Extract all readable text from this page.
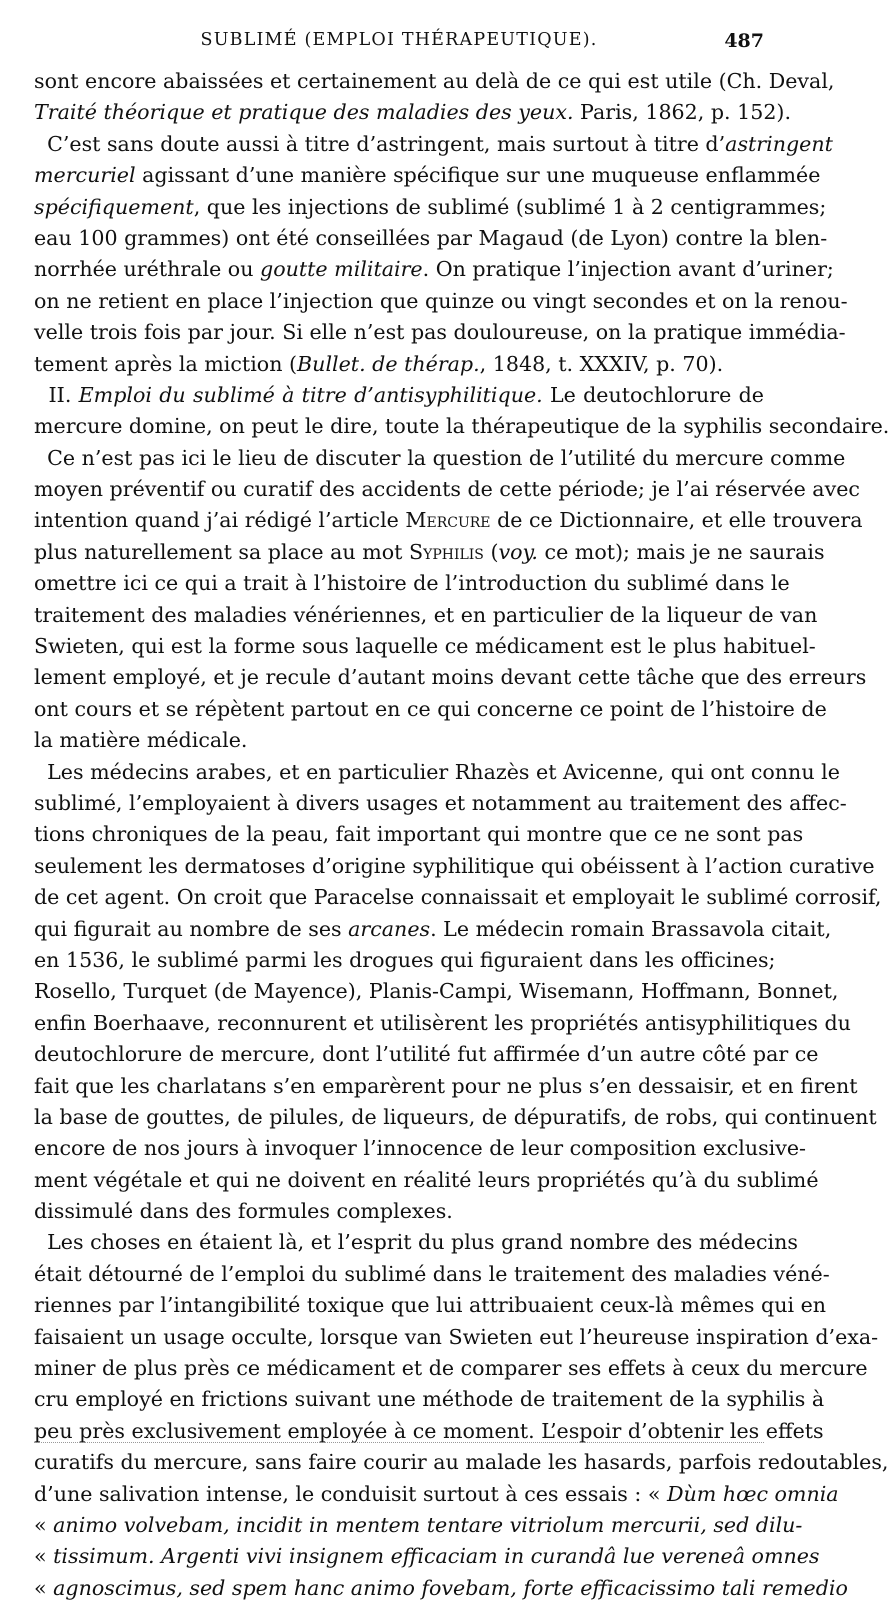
SUBLIMÉ (EMPLOI THÉRAPEUTIQUE).	487
sont encore abaissées et certainement au delà de ce qui est utile (Ch. Deval,
Traité théorique et pratique des maladies des yeux. Paris, 1862, p. 152).
C’est sans doute aussi à titre d’astringent, mais surtout à titre d’astringent
mercuriel agissant d’une manière spécifique sur une muqueuse enflammée
spécifiquement, que les injections de sublimé (sublimé 1 à 2 centigrammes;
eau 100 grammes) ont été conseillées par Magaud (de Lyon) contre la blen-
norrhée uréthrale ou goutte militaire. On pratique l’injection avant d’uriner;
on ne retient en place l’injection que quinze ou vingt secondes et on la renou-
velle trois fois par jour. Si elle n’est pas douloureuse, on la pratique immédia-
tement après la miction (Bullet. de thérap., 1848, t. XXXIV, p. 70).
II. Emploi du sublimé à titre d’antisyphilitique. Le deutochlorure de
mercure domine, on peut le dire, toute la thérapeutique de la syphilis secondaire.
Ce n’est pas ici le lieu de discuter la question de l’utilité du mercure comme
moyen préventif ou curatif des accidents de cette période; je l’ai réservée avec
intention quand j’ai rédigé l’article Mercure de ce Dictionnaire, et elle trouvera
plus naturellement sa place au mot Syphilis (voy. ce mot); mais je ne saurais
omettre ici ce qui a trait à l’histoire de l’introduction du sublimé dans le
traitement des maladies vénériennes, et en particulier de la liqueur de van
Swieten, qui est la forme sous laquelle ce médicament est le plus habituel-
lement employé, et je recule d’autant moins devant cette tâche que des erreurs
ont cours et se répètent partout en ce qui concerne ce point de l’histoire de
la matière médicale.
Les médecins arabes, et en particulier Rhazès et Avicenne, qui ont connu le
sublimé, l’employaient à divers usages et notamment au traitement des affec-
tions chroniques de la peau, fait important qui montre que ce ne sont pas
seulement les dermatoses d’origine syphilitique qui obéissent à l’action curative
de cet agent. On croit que Paracelse connaissait et employait le sublimé corrosif,
qui figurait au nombre de ses arcanes. Le médecin romain Brassavola citait,
en 1536, le sublimé parmi les drogues qui figuraient dans les officines;
Rosello, Turquet (de Mayence), Planis-Campi, Wisemann, Hoffmann, Bonnet,
enfin Boerhaave, reconnurent et utilisèrent les propriétés antisyphilitiques du
deutochlorure de mercure, dont l’utilité fut affirmée d’un autre côté par ce
fait que les charlatans s’en emparèrent pour ne plus s’en dessaisir, et en firent
la base de gouttes, de pilules, de liqueurs, de dépuratifs, de robs, qui continuent
encore de nos jours à invoquer l’innocence de leur composition exclusive-
ment végétale et qui ne doivent en réalité leurs propriétés qu’à du sublimé
dissimulé dans des formules complexes.
Les choses en étaient là, et l’esprit du plus grand nombre des médecins
était détourné de l’emploi du sublimé dans le traitement des maladies véné-
riennes par l’intangibilité toxique que lui attribuaient ceux-là mêmes qui en
faisaient un usage occulte, lorsque van Swieten eut l’heureuse inspiration d’exa-
miner de plus près ce médicament et de comparer ses effets à ceux du mercure
cru employé en frictions suivant une méthode de traitement de la syphilis à
peu près exclusivement employée à ce moment. L’espoir d’obtenir les effets
curatifs du mercure, sans faire courir au malade les hasards, parfois redoutables,
d’une salivation intense, le conduisit surtout à ces essais : « Dùm hœc omnia
« animo volvebam, incidit in mentem tentare vitriolum mercurii, sed dilu-
« tissimum. Argenti vivi insignem efficaciam in curandâ lue vereneâ omnes
« agnoscimus, sed spem hanc animo fovebam, forte efficacissimo tali remedio
